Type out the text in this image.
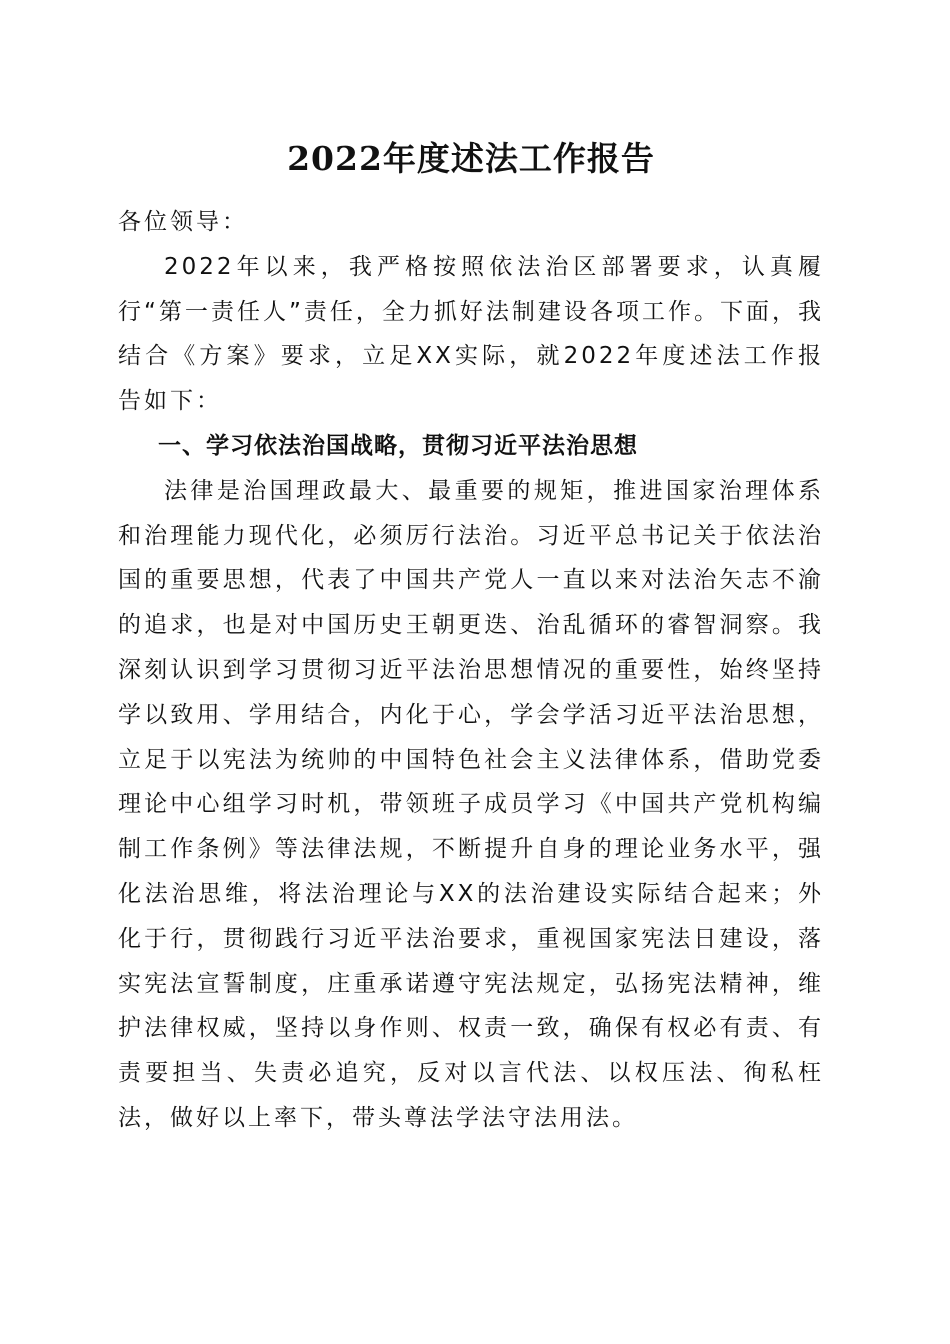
2022年度述法工作报告

各位领导：

2022年以来，我严格按照依法治区部署要求，认真履行“第一责任人”责任，全力抓好法制建设各项工作。下面，我结合《方案》要求，立足XX实际，就2022年度述法工作报告如下：

一、学习依法治国战略，贯彻习近平法治思想

法律是治国理政最大、最重要的规矩，推进国家治理体系和治理能力现代化，必须厉行法治。习近平总书记关于依法治国的重要思想，代表了中国共产党人一直以来对法治矢志不渝的追求，也是对中国历史王朝更迭、治乱循环的睿智洞察。我深刻认识到学习贯彻习近平法治思想情况的重要性，始终坚持学以致用、学用结合，内化于心，学会学活习近平法治思想，立足于以宪法为统帅的中国特色社会主义法律体系，借助党委理论中心组学习时机，带领班子成员学习《中国共产党机构编制工作条例》等法律法规，不断提升自身的理论业务水平，强化法治思维，将法治理论与XX的法治建设实际结合起来；外化于行，贯彻践行习近平法治要求，重视国家宪法日建设，落实宪法宣誓制度，庄重承诺遵守宪法规定，弘扬宪法精神，维护法律权威，坚持以身作则、权责一致，确保有权必有责、有责要担当、失责必追究，反对以言代法、以权压法、徇私枉法，做好以上率下，带头尊法学法守法用法。
